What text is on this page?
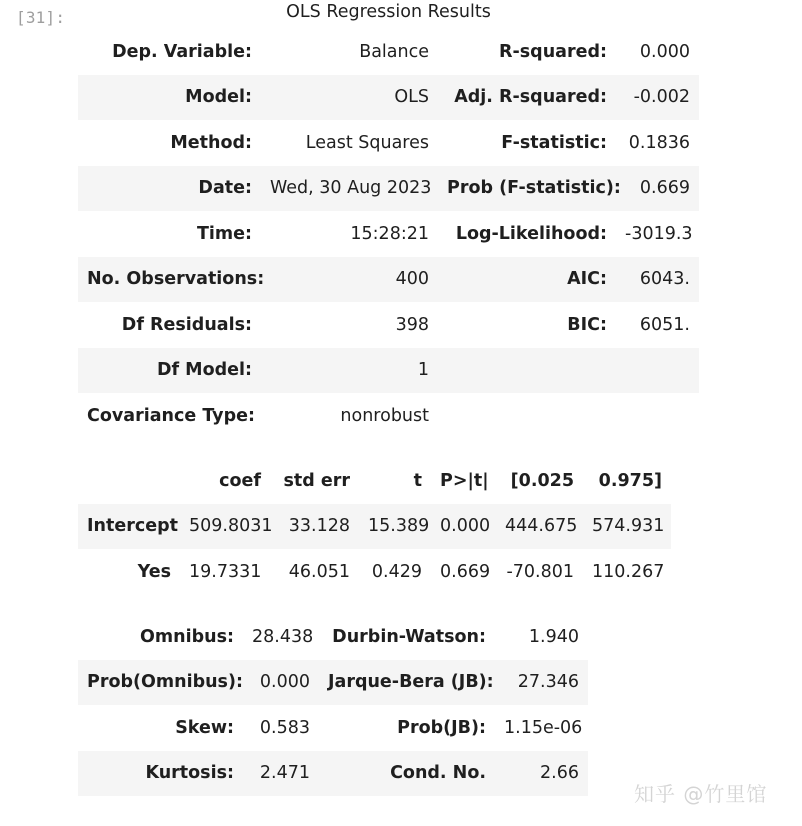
[31]:	OLS Regression Results
Dep. Variable:	Balance	R-squared:	0.000
Model:	OLS	Adj. R-squared:	-0.002
Method:	Least Squares	F-statistic:	0.1836
Date:	Wed, 30 Aug 2023	Prob (F-statistic):	0.669
Time:	15:28:21	Log-Likelihood:	-3019.3
No. Observations:	400	AIC:	6043.
Df Residuals:	398	BIC:	6051.
Df Model:	1		
Covariance Type:	nonrobust		
	coef	std err	t	P>|t|	[0.025	0.975]
Intercept	509.8031	33.128	15.389	0.000	444.675	574.931
Yes	19.7331	46.051	0.429	0.669	-70.801	110.267
Omnibus:	28.438	Durbin-Watson:	1.940
Prob(Omnibus):	0.000	Jarque-Bera (JB):	27.346
Skew:	0.583	Prob(JB):	1.15e-06
Kurtosis:	2.471	Cond. No.	2.66
知乎 @竹里馆
